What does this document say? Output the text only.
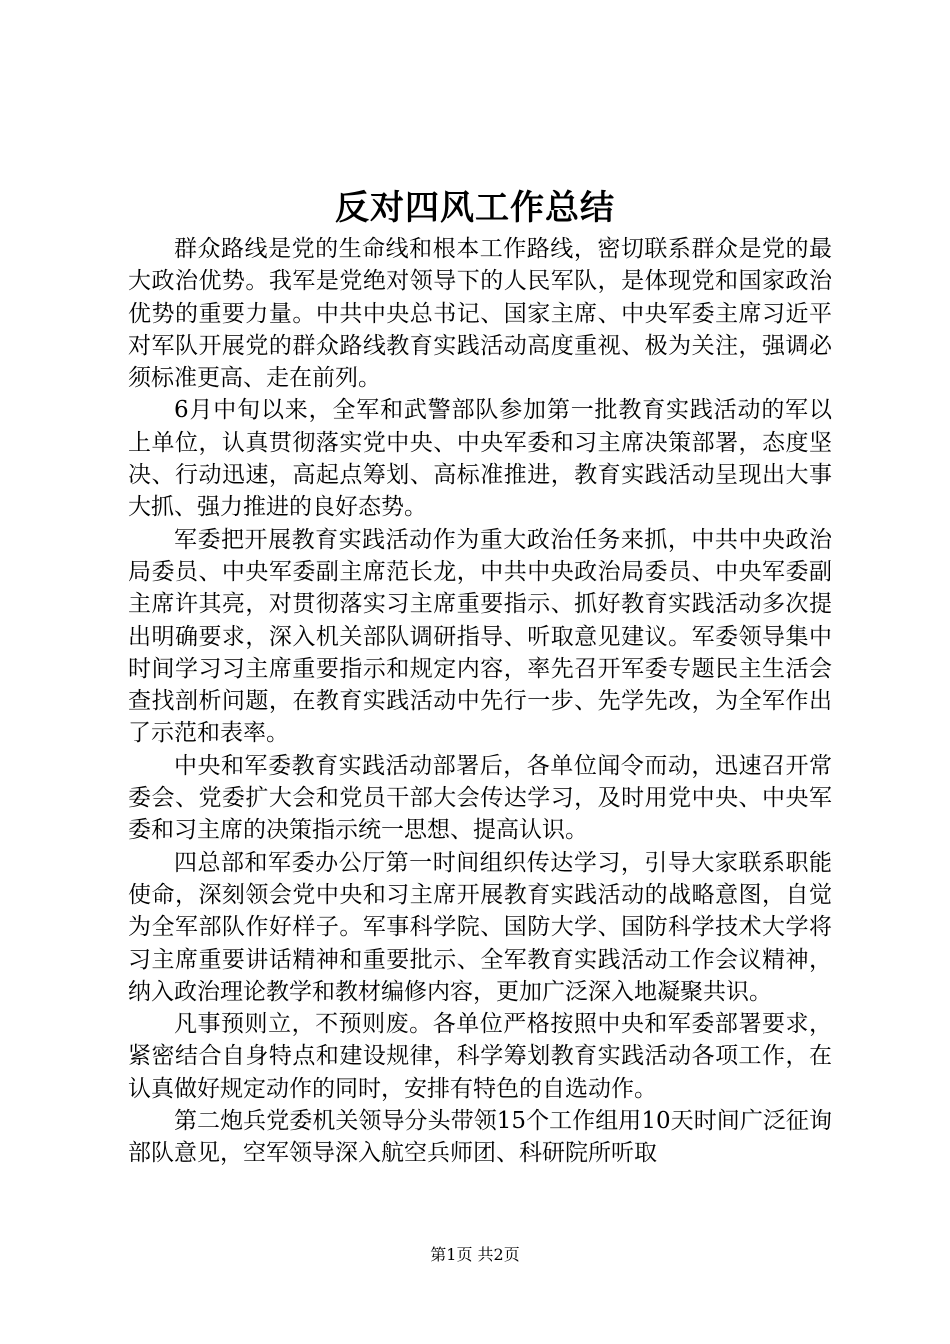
反对四风工作总结

群众路线是党的生命线和根本工作路线，密切联系群众是党的最大政治优势。我军是党绝对领导下的人民军队，是体现党和国家政治优势的重要力量。中共中央总书记、国家主席、中央军委主席习近平对军队开展党的群众路线教育实践活动高度重视、极为关注，强调必须标准更高、走在前列。

6月中旬以来，全军和武警部队参加第一批教育实践活动的军以上单位，认真贯彻落实党中央、中央军委和习主席决策部署，态度坚决、行动迅速，高起点筹划、高标准推进，教育实践活动呈现出大事大抓、强力推进的良好态势。

军委把开展教育实践活动作为重大政治任务来抓，中共中央政治局委员、中央军委副主席范长龙，中共中央政治局委员、中央军委副主席许其亮，对贯彻落实习主席重要指示、抓好教育实践活动多次提出明确要求，深入机关部队调研指导、听取意见建议。军委领导集中时间学习习主席重要指示和规定内容，率先召开军委专题民主生活会查找剖析问题，在教育实践活动中先行一步、先学先改，为全军作出了示范和表率。

中央和军委教育实践活动部署后，各单位闻令而动，迅速召开常委会、党委扩大会和党员干部大会传达学习，及时用党中央、中央军委和习主席的决策指示统一思想、提高认识。

四总部和军委办公厅第一时间组织传达学习，引导大家联系职能使命，深刻领会党中央和习主席开展教育实践活动的战略意图，自觉为全军部队作好样子。军事科学院、国防大学、国防科学技术大学将习主席重要讲话精神和重要批示、全军教育实践活动工作会议精神，纳入政治理论教学和教材编修内容，更加广泛深入地凝聚共识。

凡事预则立，不预则废。各单位严格按照中央和军委部署要求，紧密结合自身特点和建设规律，科学筹划教育实践活动各项工作，在认真做好规定动作的同时，安排有特色的自选动作。

第二炮兵党委机关领导分头带领15个工作组用10天时间广泛征询部队意见，空军领导深入航空兵师团、科研院所听取

第1页 共2页
